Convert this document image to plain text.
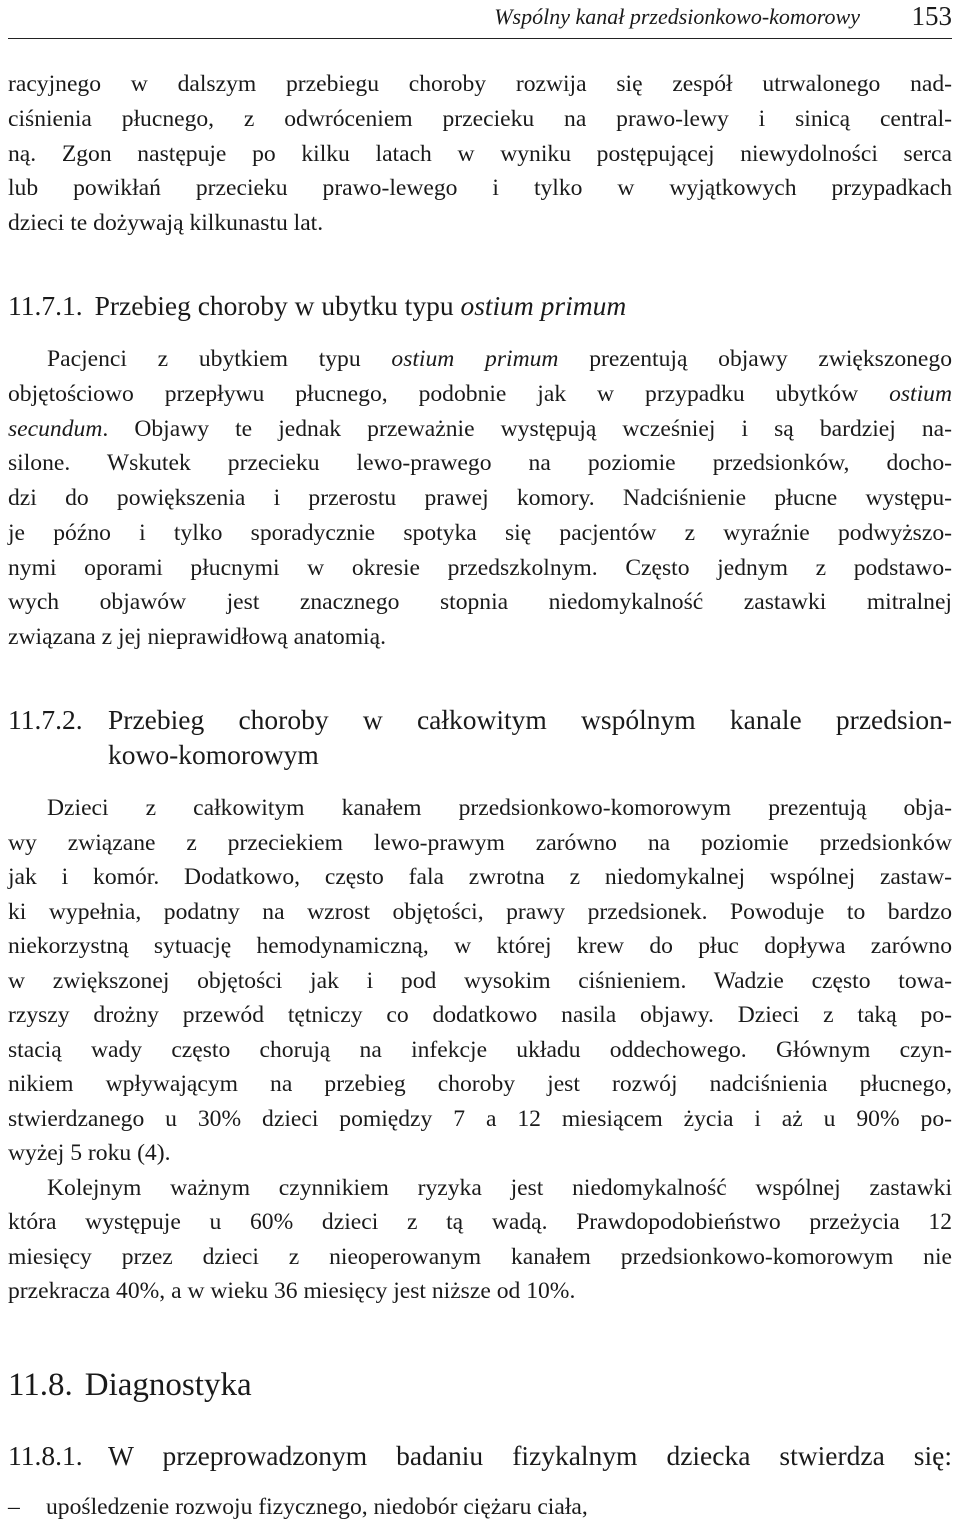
Wspólny kanał przedsionkowo-komorowy 153
racyjnego w dalszym przebiegu choroby rozwija się zespół utrwalonego nad-
ciśnienia płucnego, z odwróceniem przecieku na prawo-lewy i sinicą central-
ną. Zgon następuje po kilku latach w wyniku postępującej niewydolności serca
lub powikłań przecieku prawo-lewego i tylko w wyjątkowych przypadkach
dzieci te dożywają kilkunastu lat.
11.7.1. Przebieg choroby w ubytku typu ostium primum
Pacjenci z ubytkiem typu ostium primum prezentują objawy zwiększonego
objętościowo przepływu płucnego, podobnie jak w przypadku ubytków ostium
secundum. Objawy te jednak przeważnie występują wcześniej i są bardziej na-
silone. Wskutek przecieku lewo-prawego na poziomie przedsionków, docho-
dzi do powiększenia i przerostu prawej komory. Nadciśnienie płucne występu-
je późno i tylko sporadycznie spotyka się pacjentów z wyraźnie podwyższo-
nymi oporami płucnymi w okresie przedszkolnym. Często jednym z podstawo-
wych objawów jest znacznego stopnia niedomykalność zastawki mitralnej
związana z jej nieprawidłową anatomią.
11.7.2. Przebieg choroby w całkowitym wspólnym kanale przedsion-
kowo-komorowym
Dzieci z całkowitym kanałem przedsionkowo-komorowym prezentują obja-
wy związane z przeciekiem lewo-prawym zarówno na poziomie przedsionków
jak i komór. Dodatkowo, często fala zwrotna z niedomykalnej wspólnej zastaw-
ki wypełnia, podatny na wzrost objętości, prawy przedsionek. Powoduje to bardzo
niekorzystną sytuację hemodynamiczną, w której krew do płuc dopływa zarówno
w zwiększonej objętości jak i pod wysokim ciśnieniem. Wadzie często towa-
rzyszy drożny przewód tętniczy co dodatkowo nasila objawy. Dzieci z taką po-
stacią wady często chorują na infekcje układu oddechowego. Głównym czyn-
nikiem wpływającym na przebieg choroby jest rozwój nadciśnienia płucnego,
stwierdzanego u 30% dzieci pomiędzy 7 a 12 miesiącem życia i aż u 90% po-
wyżej 5 roku (4).
Kolejnym ważnym czynnikiem ryzyka jest niedomykalność wspólnej zastawki
która występuje u 60% dzieci z tą wadą. Prawdopodobieństwo przeżycia 12
miesięcy przez dzieci z nieoperowanym kanałem przedsionkowo-komorowym nie
przekracza 40%, a w wieku 36 miesięcy jest niższe od 10%.
11.8. Diagnostyka
11.8.1. W przeprowadzonym badaniu fizykalnym dziecka stwierdza się:
– upośledzenie rozwoju fizycznego, niedobór ciężaru ciała,
